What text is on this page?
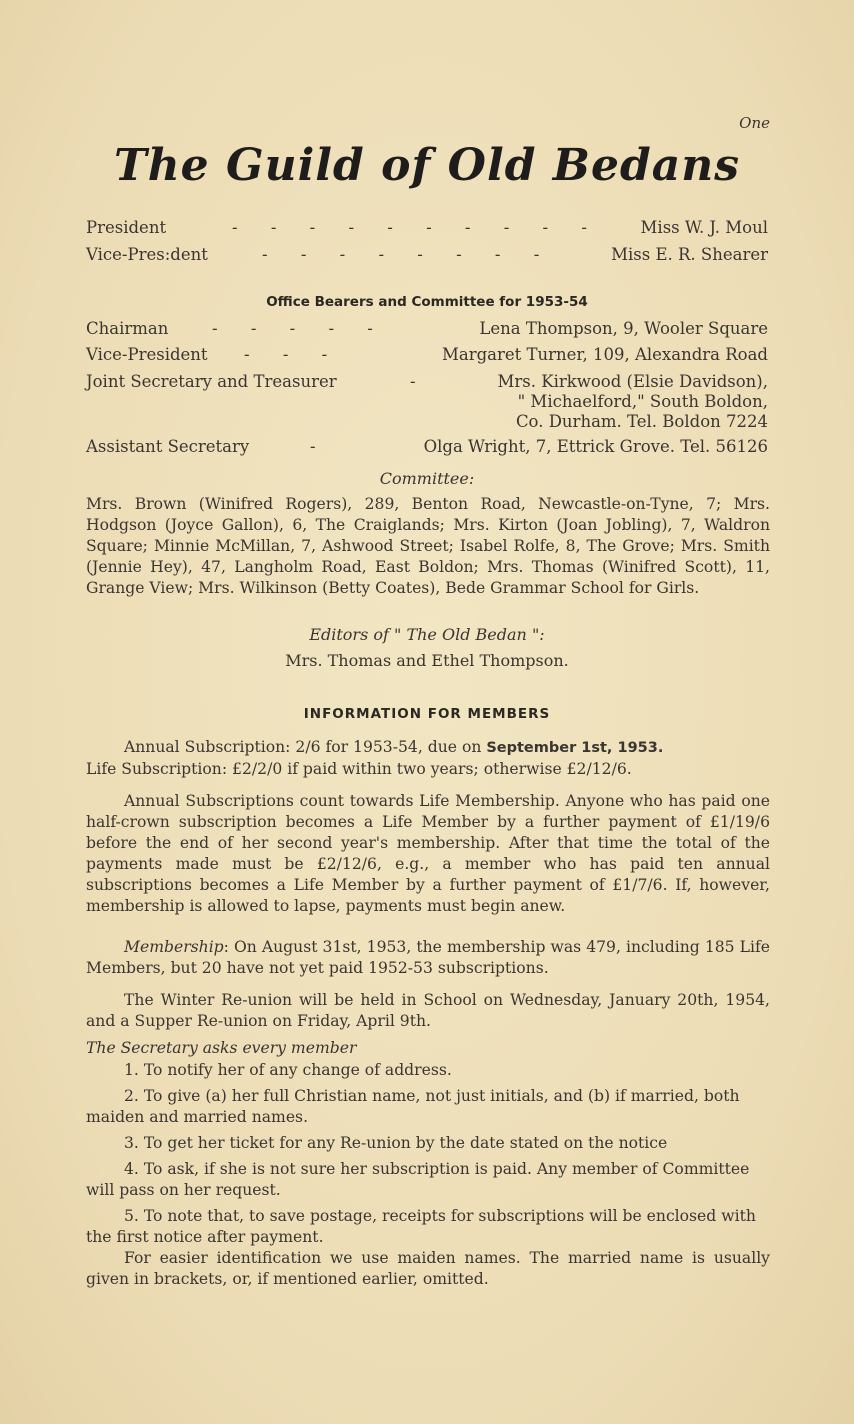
One
The Guild of Old Bedans
President	- - - - - - - - - - Miss W. J. Moul
Vice-Pres:dent	- - - - - - - -	Miss E. R. Shearer
Office Bearers and Committee for 1953-54
Chairman	- - - - -	Lena Thompson, 9, Wooler Square
Vice-President - - -	Margaret Turner, 109, Alexandra Road
Joint Secretary and Treasurer	-	Mrs. Kirkwood (Elsie Davidson),
" Michaelford," South Boldon,
Co. Durham. Tel. Boldon 7224
Assistant Secretary	-	Olga Wright, 7, Ettrick Grove. Tel. 56126
Committee:
Mrs. Brown (Winifred Rogers), 289, Benton Road, Newcastle-on-Tyne, 7; Mrs. Hodgson (Joyce Gallon), 6, The Craiglands; Mrs. Kirton (Joan Jobling), 7, Waldron Square; Minnie McMillan, 7, Ashwood Street; Isabel Rolfe, 8, The Grove; Mrs. Smith (Jennie Hey), 47, Langholm Road, East Boldon; Mrs. Thomas (Winifred Scott), 11, Grange View; Mrs. Wilkinson (Betty Coates), Bede Grammar School for Girls.
Editors of " The Old Bedan ":
Mrs. Thomas and Ethel Thompson.
INFORMATION FOR MEMBERS
Annual Subscription: 2/6 for 1953-54, due on September 1st, 1953.
Life Subscription: £2/2/0 if paid within two years; otherwise £2/12/6.
Annual Subscriptions count towards Life Membership. Anyone who has paid one half-crown subscription becomes a Life Member by a further payment of £1/19/6 before the end of her second year's membership. After that time the total of the payments made must be £2/12/6, e.g., a member who has paid ten annual subscriptions becomes a Life Member by a further payment of £1/7/6. If, however, membership is allowed to lapse, payments must begin anew.
Membership: On August 31st, 1953, the membership was 479, including 185 Life Members, but 20 have not yet paid 1952-53 subscriptions.
The Winter Re-union will be held in School on Wednesday, January 20th, 1954, and a Supper Re-union on Friday, April 9th.
The Secretary asks every member
1. To notify her of any change of address.
2. To give (a) her full Christian name, not just initials, and (b) if married, both maiden and married names.
3. To get her ticket for any Re-union by the date stated on the notice
4. To ask, if she is not sure her subscription is paid. Any member of Committee will pass on her request.
5. To note that, to save postage, receipts for subscriptions will be enclosed with the first notice after payment.
For easier identification we use maiden names. The married name is usually given in brackets, or, if mentioned earlier, omitted.
